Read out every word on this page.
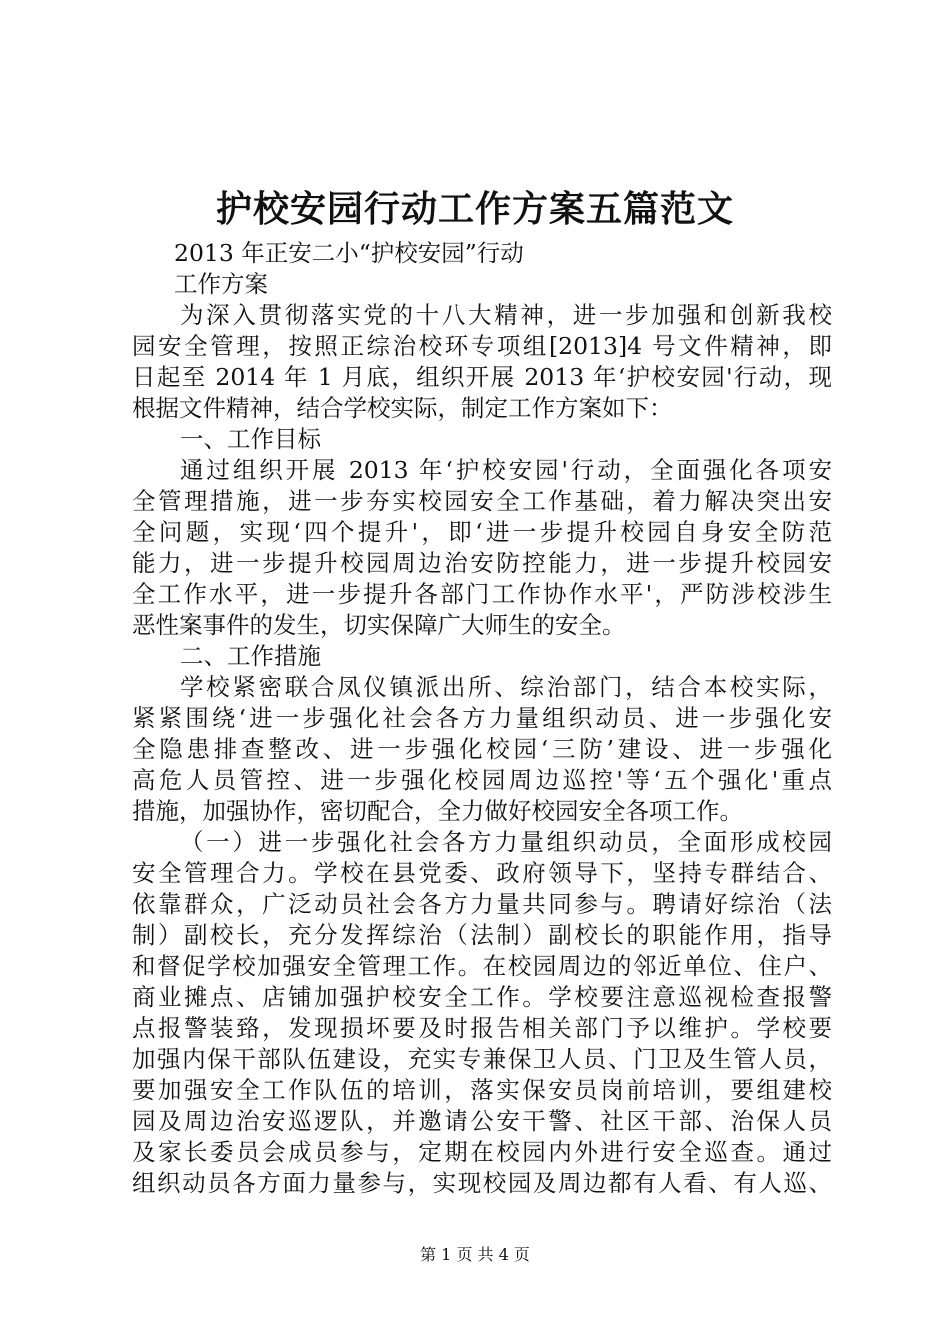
护校安园行动工作方案五篇范文
2013 年正安二小“护校安园”行动
工作方案
为深入贯彻落实党的十八大精神，进一步加强和创新我校
园安全管理，按照正综治校环专项组[2013]4 号文件精神，即
日起至 2014 年 1 月底，组织开展 2013 年‘护校安园'行动，现
根据文件精神，结合学校实际，制定工作方案如下：
一、工作目标
通过组织开展 2013 年‘护校安园'行动，全面强化各项安
全管理措施，进一步夯实校园安全工作基础，着力解决突出安
全问题，实现‘四个提升'，即‘进一步提升校园自身安全防范
能力，进一步提升校园周边治安防控能力，进一步提升校园安
全工作水平，进一步提升各部门工作协作水平'，严防涉校涉生
恶性案事件的发生，切实保障广大师生的安全。
二、工作措施
学校紧密联合凤仪镇派出所、综治部门，结合本校实际，
紧紧围绕‘进一步强化社会各方力量组织动员、进一步强化安
全隐患排查整改、进一步强化校园‘三防’建设、进一步强化
高危人员管控、进一步强化校园周边巡控'等‘五个强化'重点
措施，加强协作，密切配合，全力做好校园安全各项工作。
（一）进一步强化社会各方力量组织动员，全面形成校园
安全管理合力。学校在县党委、政府领导下，坚持专群结合、
依靠群众，广泛动员社会各方力量共同参与。聘请好综治（法
制）副校长，充分发挥综治（法制）副校长的职能作用，指导
和督促学校加强安全管理工作。在校园周边的邻近单位、住户、
商业摊点、店铺加强护校安全工作。学校要注意巡视检查报警
点报警装臵，发现损坏要及时报告相关部门予以维护。学校要
加强内保干部队伍建设，充实专兼保卫人员、门卫及生管人员，
要加强安全工作队伍的培训，落实保安员岗前培训，要组建校
园及周边治安巡逻队，并邀请公安干警、社区干部、治保人员
及家长委员会成员参与，定期在校园内外进行安全巡查。通过
组织动员各方面力量参与，实现校园及周边都有人看、有人巡、
第 1 页 共 4 页
